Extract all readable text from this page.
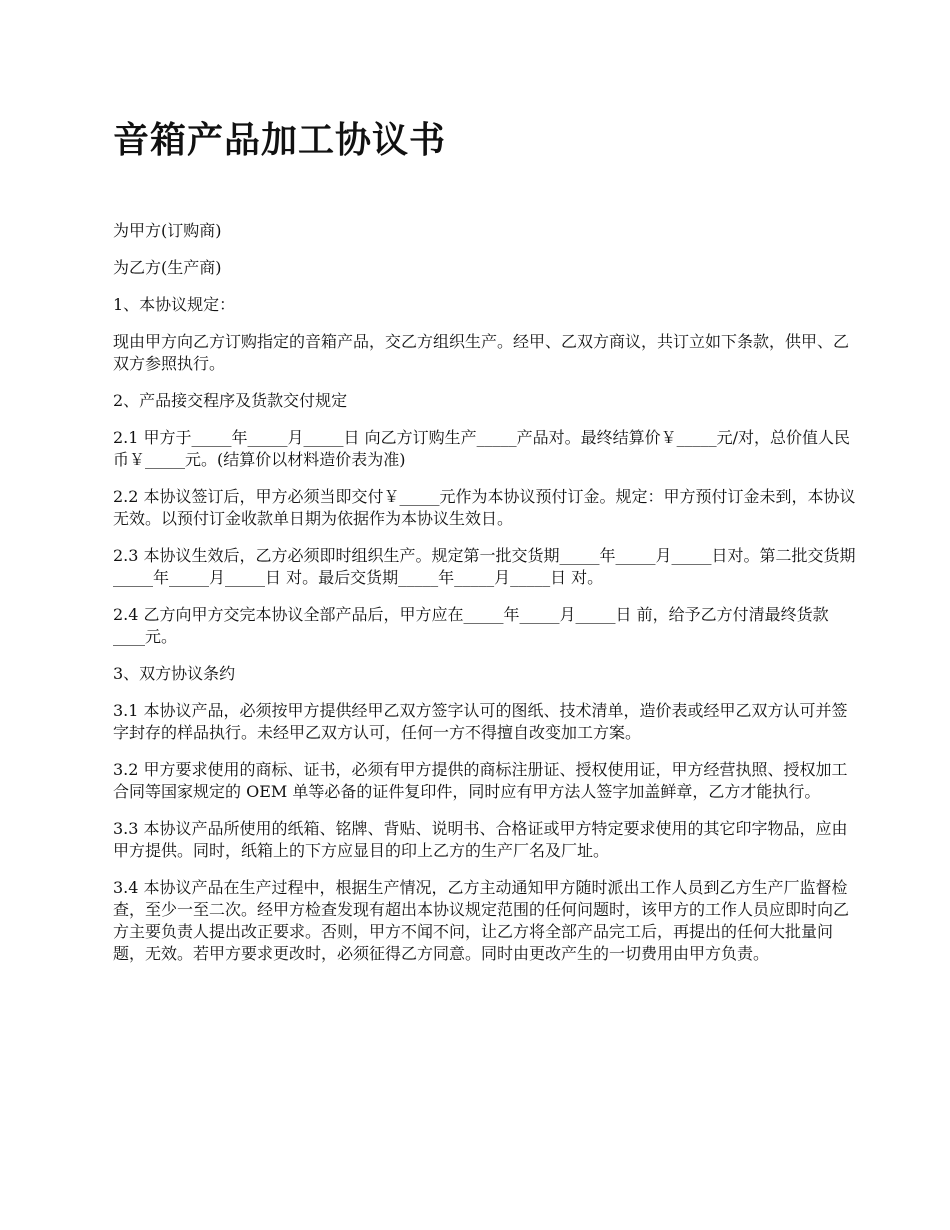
音箱产品加工协议书

为甲方(订购商)

为乙方(生产商)

1、本协议规定：

现由甲方向乙方订购指定的音箱产品，交乙方组织生产。经甲、乙双方商议，共订立如下条款，供甲、乙双方参照执行。

2、产品接交程序及货款交付规定

2.1 甲方于_____年_____月_____日 向乙方订购生产_____产品对。最终结算价￥_____元/对，总价值人民币￥_____元。(结算价以材料造价表为准)

2.2 本协议签订后，甲方必须当即交付￥_____元作为本协议预付订金。规定：甲方预付订金未到，本协议无效。以预付订金收款单日期为依据作为本协议生效日。

2.3 本协议生效后，乙方必须即时组织生产。规定第一批交货期_____年_____月_____日对。第二批交货期_____年_____月_____日 对。最后交货期_____年_____月_____日 对。

2.4 乙方向甲方交完本协议全部产品后，甲方应在_____年_____月_____日 前，给予乙方付清最终货款____元。

3、双方协议条约

3.1 本协议产品，必须按甲方提供经甲乙双方签字认可的图纸、技术清单，造价表或经甲乙双方认可并签字封存的样品执行。未经甲乙双方认可，任何一方不得擅自改变加工方案。

3.2 甲方要求使用的商标、证书，必须有甲方提供的商标注册证、授权使用证，甲方经营执照、授权加工合同等国家规定的 OEM 单等必备的证件复印件，同时应有甲方法人签字加盖鲜章，乙方才能执行。

3.3 本协议产品所使用的纸箱、铭牌、背贴、说明书、合格证或甲方特定要求使用的其它印字物品，应由甲方提供。同时，纸箱上的下方应显目的印上乙方的生产厂名及厂址。

3.4 本协议产品在生产过程中，根据生产情况，乙方主动通知甲方随时派出工作人员到乙方生产厂监督检查，至少一至二次。经甲方检查发现有超出本协议规定范围的任何问题时，该甲方的工作人员应即时向乙方主要负责人提出改正要求。否则，甲方不闻不问，让乙方将全部产品完工后，再提出的任何大批量问题，无效。若甲方要求更改时，必须征得乙方同意。同时由更改产生的一切费用由甲方负责。
